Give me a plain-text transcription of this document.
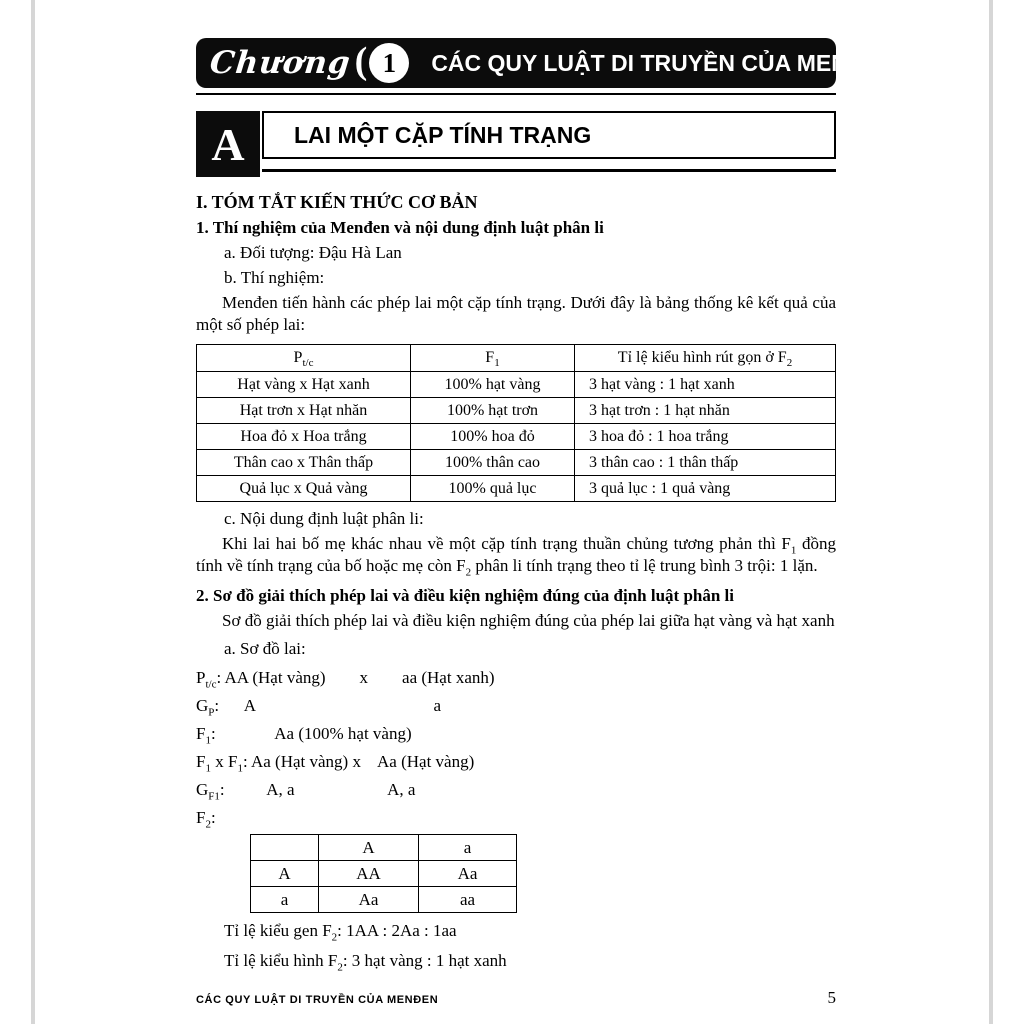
Chương ( 1 CÁC QUY LUẬT DI TRUYỀN CỦA MENĐEN
A	LAI MỘT CẶP TÍNH TRẠNG
I. TÓM TẮT KIẾN THỨC CƠ BẢN
1. Thí nghiệm của Menđen và nội dung định luật phân li
a. Đối tượng: Đậu Hà Lan
b. Thí nghiệm:
Menđen tiến hành các phép lai một cặp tính trạng. Dưới đây là bảng thống kê kết quả của một số phép lai:
$P_{t/c}$	$F_1$	Tỉ lệ kiểu hình rút gọn ở $F_2$
Hạt vàng x Hạt xanh	100% hạt vàng	3 hạt vàng : 1 hạt xanh
Hạt trơn x Hạt nhăn	100% hạt trơn	3 hạt trơn : 1 hạt nhăn
Hoa đỏ x Hoa trắng	100% hoa đỏ	3 hoa đỏ : 1 hoa trắng
Thân cao x Thân thấp	100% thân cao	3 thân cao : 1 thân thấp
Quả lục x Quả vàng	100% quả lục	3 quả lục : 1 quả vàng
c. Nội dung định luật phân li:
Khi lai hai bố mẹ khác nhau về một cặp tính trạng thuần chủng tương phản thì $F_1$ đồng tính về tính trạng của bố hoặc mẹ còn $F_2$ phân li tính trạng theo tỉ lệ trung bình 3 trội: 1 lặn.
2. Sơ đồ giải thích phép lai và điều kiện nghiệm đúng của định luật phân li
Sơ đồ giải thích phép lai và điều kiện nghiệm đúng của phép lai giữa hạt vàng và hạt xanh
a. Sơ đồ lai:
$P_{t/c}$: AA (Hạt vàng)        x        aa (Hạt xanh)
$G_P$:      A                                          a
$F_1$:              Aa (100% hạt vàng)
$F_1$ x $F_1$: Aa (Hạt vàng) x    Aa (Hạt vàng)
$G_{F1}$:          A, a                      A, a
$F_2$:
	A	a
A	AA	Aa
a	Aa	aa
Tỉ lệ kiểu gen $F_2$: 1AA : 2Aa : 1aa
Tỉ lệ kiểu hình $F_2$: 3 hạt vàng : 1 hạt xanh
CÁC QUY LUẬT DI TRUYỀN CỦA MENĐEN	5
